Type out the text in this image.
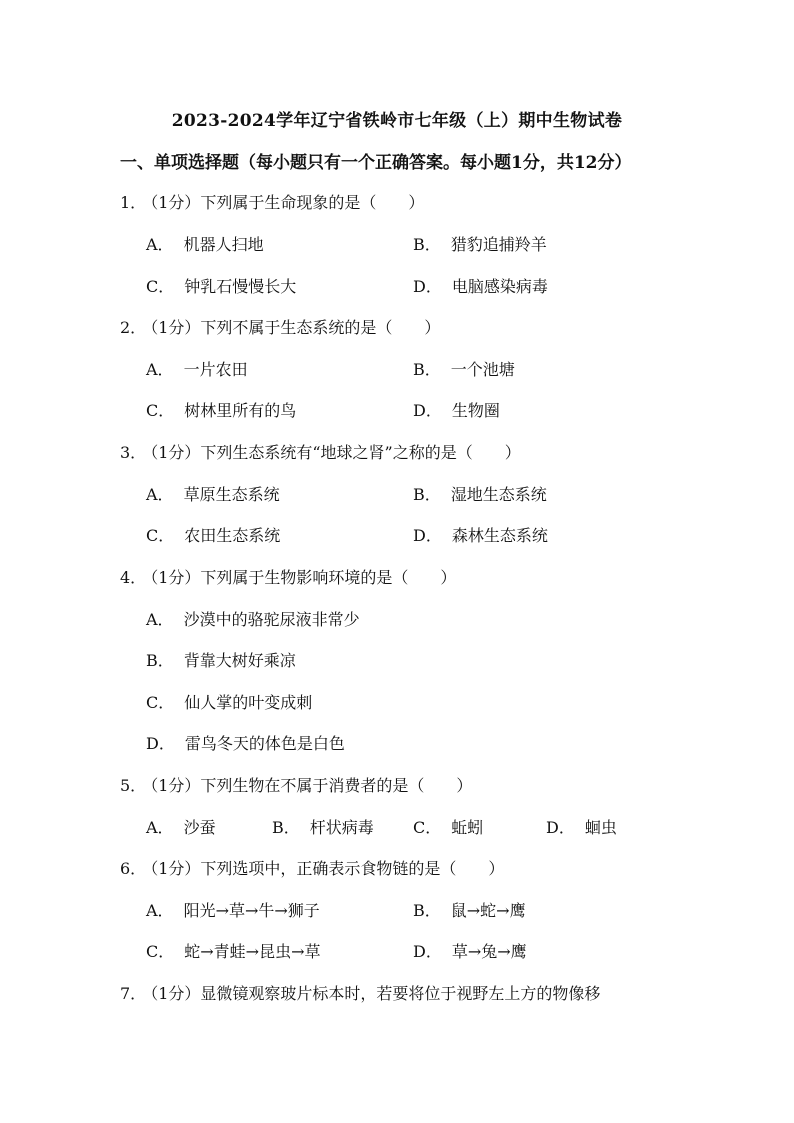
2023-2024学年辽宁省铁岭市七年级（上）期中生物试卷
一、单项选择题（每小题只有一个正确答案。每小题1分，共12分）
1． （1分）下列属于生命现象的是（　　）
A． 机器人扫地	B． 猎豹追捕羚羊
C． 钟乳石慢慢长大	D． 电脑感染病毒
2． （1分）下列不属于生态系统的是（　　）
A． 一片农田	B． 一个池塘
C． 树林里所有的鸟	D． 生物圈
3． （1分）下列生态系统有“地球之肾”之称的是（　　）
A． 草原生态系统	B． 湿地生态系统
C． 农田生态系统	D． 森林生态系统
4． （1分）下列属于生物影响环境的是（　　）
A． 沙漠中的骆驼尿液非常少
B． 背靠大树好乘凉
C． 仙人掌的叶变成刺
D． 雷鸟冬天的体色是白色
5． （1分）下列生物在不属于消费者的是（　　）
A． 沙蚕	B． 杆状病毒 C． 蚯蚓	D． 蛔虫
6． （1分）下列选项中，正确表示食物链的是（　　）
A． 阳光→草→牛→狮子	B． 鼠→蛇→鹰
C． 蛇→青蛙→昆虫→草	D． 草→兔→鹰
7． （1分）显微镜观察玻片标本时，若要将位于视野左上方的物像移
